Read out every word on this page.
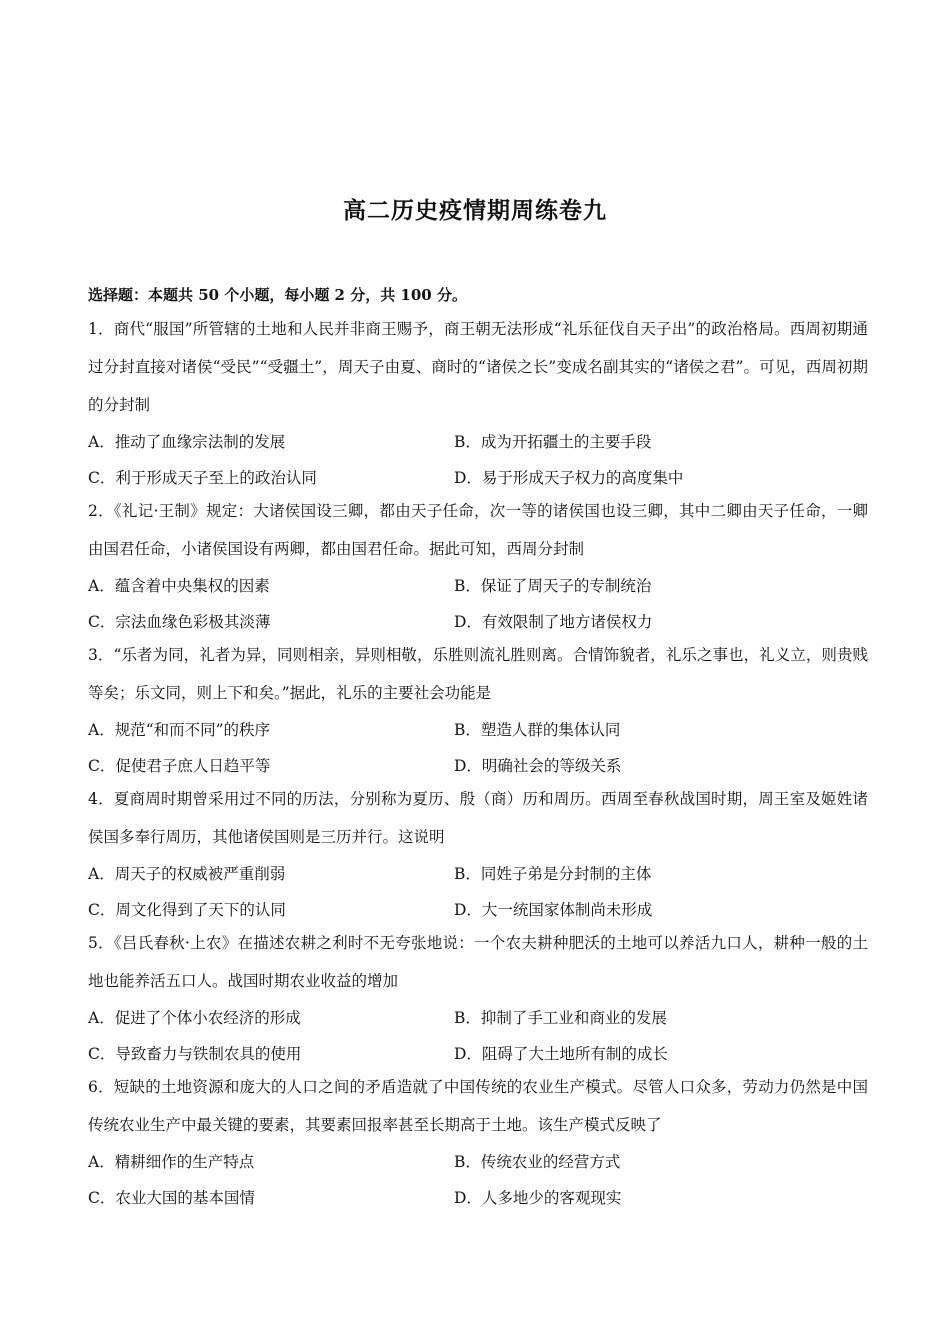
高二历史疫情期周练卷九
选择题：本题共 50 个小题，每小题 2 分，共 100 分。

1．商代“服国”所管辖的土地和人民并非商王赐予，商王朝无法形成“礼乐征伐自天子出”的政治格局。西周初期通过分封直接对诸侯“受民”“受疆土”，周天子由夏、商时的“诸侯之长”变成名副其实的“诸侯之君”。可见，西周初期的分封制

A．推动了血缘宗法制的发展	B．成为开拓疆土的主要手段
C．利于形成天子至上的政治认同	D．易于形成天子权力的高度集中

2．《礼记·王制》规定：大诸侯国设三卿，都由天子任命，次一等的诸侯国也设三卿，其中二卿由天子任命，一卿由国君任命，小诸侯国设有两卿，都由国君任命。据此可知，西周分封制

A．蕴含着中央集权的因素	B．保证了周天子的专制统治
C．宗法血缘色彩极其淡薄	D．有效限制了地方诸侯权力

3．“乐者为同，礼者为异，同则相亲，异则相敬，乐胜则流礼胜则离。合情饰貌者，礼乐之事也，礼义立，则贵贱等矣；乐文同，则上下和矣。”据此，礼乐的主要社会功能是

A．规范“和而不同”的秩序	B．塑造人群的集体认同
C．促使君子庶人日趋平等	D．明确社会的等级关系

4．夏商周时期曾采用过不同的历法，分别称为夏历、殷（商）历和周历。西周至春秋战国时期，周王室及姬姓诸侯国多奉行周历，其他诸侯国则是三历并行。这说明

A．周天子的权威被严重削弱	B．同姓子弟是分封制的主体
C．周文化得到了天下的认同	D．大一统国家体制尚未形成

5．《吕氏春秋·上农》在描述农耕之利时不无夸张地说：一个农夫耕种肥沃的土地可以养活九口人，耕种一般的土地也能养活五口人。战国时期农业收益的增加

A．促进了个体小农经济的形成	B．抑制了手工业和商业的发展
C．导致畜力与铁制农具的使用	D．阻碍了大土地所有制的成长

6．短缺的土地资源和庞大的人口之间的矛盾造就了中国传统的农业生产模式。尽管人口众多，劳动力仍然是中国传统农业生产中最关键的要素，其要素回报率甚至长期高于土地。该生产模式反映了

A．精耕细作的生产特点	B．传统农业的经营方式
C．农业大国的基本国情	D．人多地少的客观现实
